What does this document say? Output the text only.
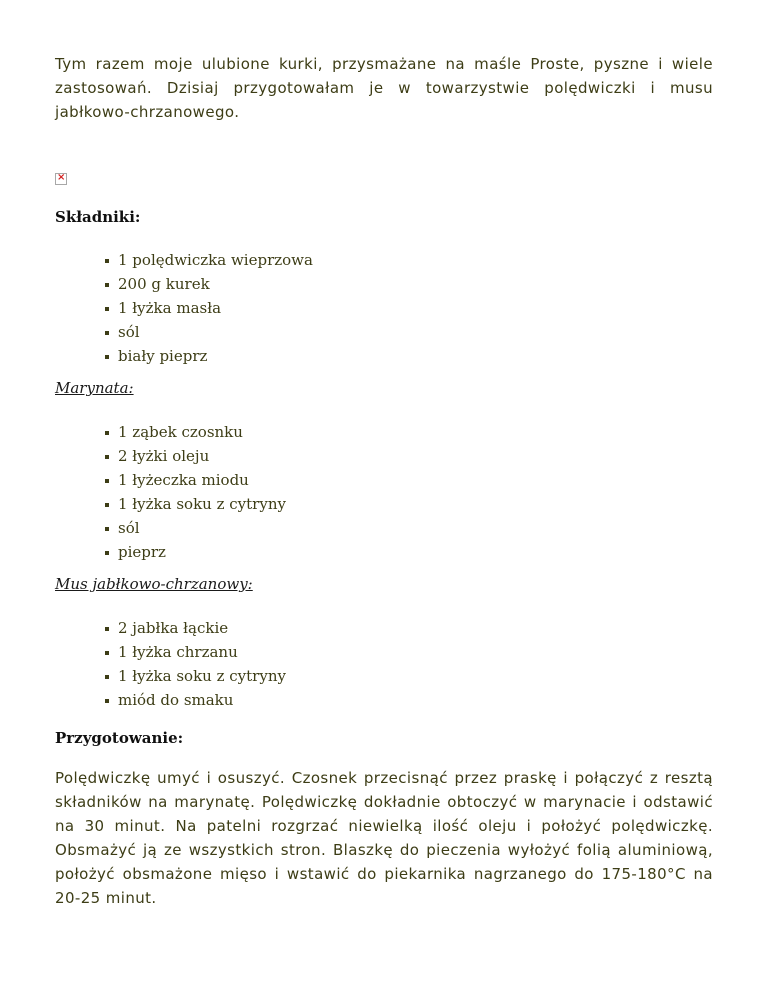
Tym razem moje ulubione kurki, przysmażane na maśle Proste, pyszne i wiele zastosowań. Dzisiaj przygotowałam je w towarzystwie polędwiczki i musu jabłkowo-chrzanowego.

×
Składniki:
1 polędwiczka wieprzowa
200 g kurek
1 łyżka masła
sól
biały pieprz

Marynata:

1 ząbek czosnku
2 łyżki oleju
1 łyżeczka miodu
1 łyżka soku z cytryny
sól
pieprz

Mus jabłkowo-chrzanowy:

2 jabłka łąckie
1 łyżka chrzanu
1 łyżka soku z cytryny
miód do smaku
Przygotowanie:

Polędwiczkę umyć i osuszyć. Czosnek przecisnąć przez praskę i połączyć z resztą składników na marynatę. Polędwiczkę dokładnie obtoczyć w marynacie i odstawić na 30 minut. Na patelni rozgrzać niewielką ilość oleju i położyć polędwiczkę. Obsmażyć ją ze wszystkich stron. Blaszkę do pieczenia wyłożyć folią aluminiową, położyć obsmażone mięso i wstawić do piekarnika nagrzanego do 175-180°C na 20-25 minut.
